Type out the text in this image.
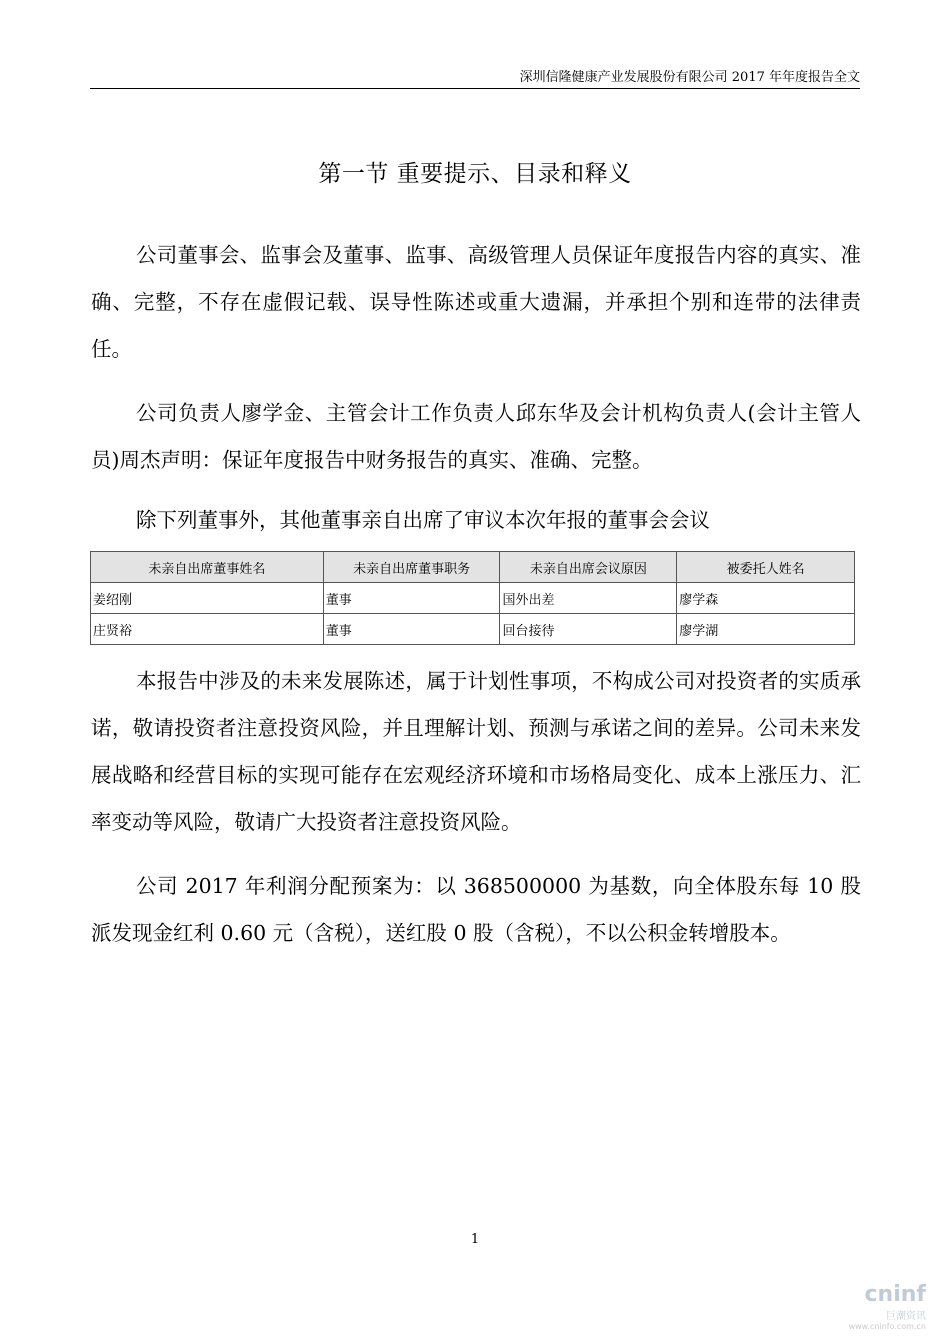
深圳信隆健康产业发展股份有限公司 2017 年年度报告全文
第一节 重要提示、目录和释义

公司董事会、监事会及董事、监事、高级管理人员保证年度报告内容的真实、准确、完整，不存在虚假记载、误导性陈述或重大遗漏，并承担个别和连带的法律责任。

公司负责人廖学金、主管会计工作负责人邱东华及会计机构负责人(会计主管人员)周杰声明：保证年度报告中财务报告的真实、准确、完整。

除下列董事外，其他董事亲自出席了审议本次年报的董事会会议

未亲自出席董事姓名	未亲自出席董事职务	未亲自出席会议原因	被委托人姓名
姜绍刚	董事	国外出差	廖学森
庄贤裕	董事	回台接待	廖学湖

本报告中涉及的未来发展陈述，属于计划性事项，不构成公司对投资者的实质承诺，敬请投资者注意投资风险，并且理解计划、预测与承诺之间的差异。公司未来发展战略和经营目标的实现可能存在宏观经济环境和市场格局变化、成本上涨压力、汇率变动等风险，敬请广大投资者注意投资风险。

公司 2017 年利润分配预案为：以 368500000 为基数，向全体股东每 10 股派发现金红利 0.60 元（含税），送红股 0 股（含税），不以公积金转增股本。

1
cninf
巨潮资讯
www.cninfo.com.cn
